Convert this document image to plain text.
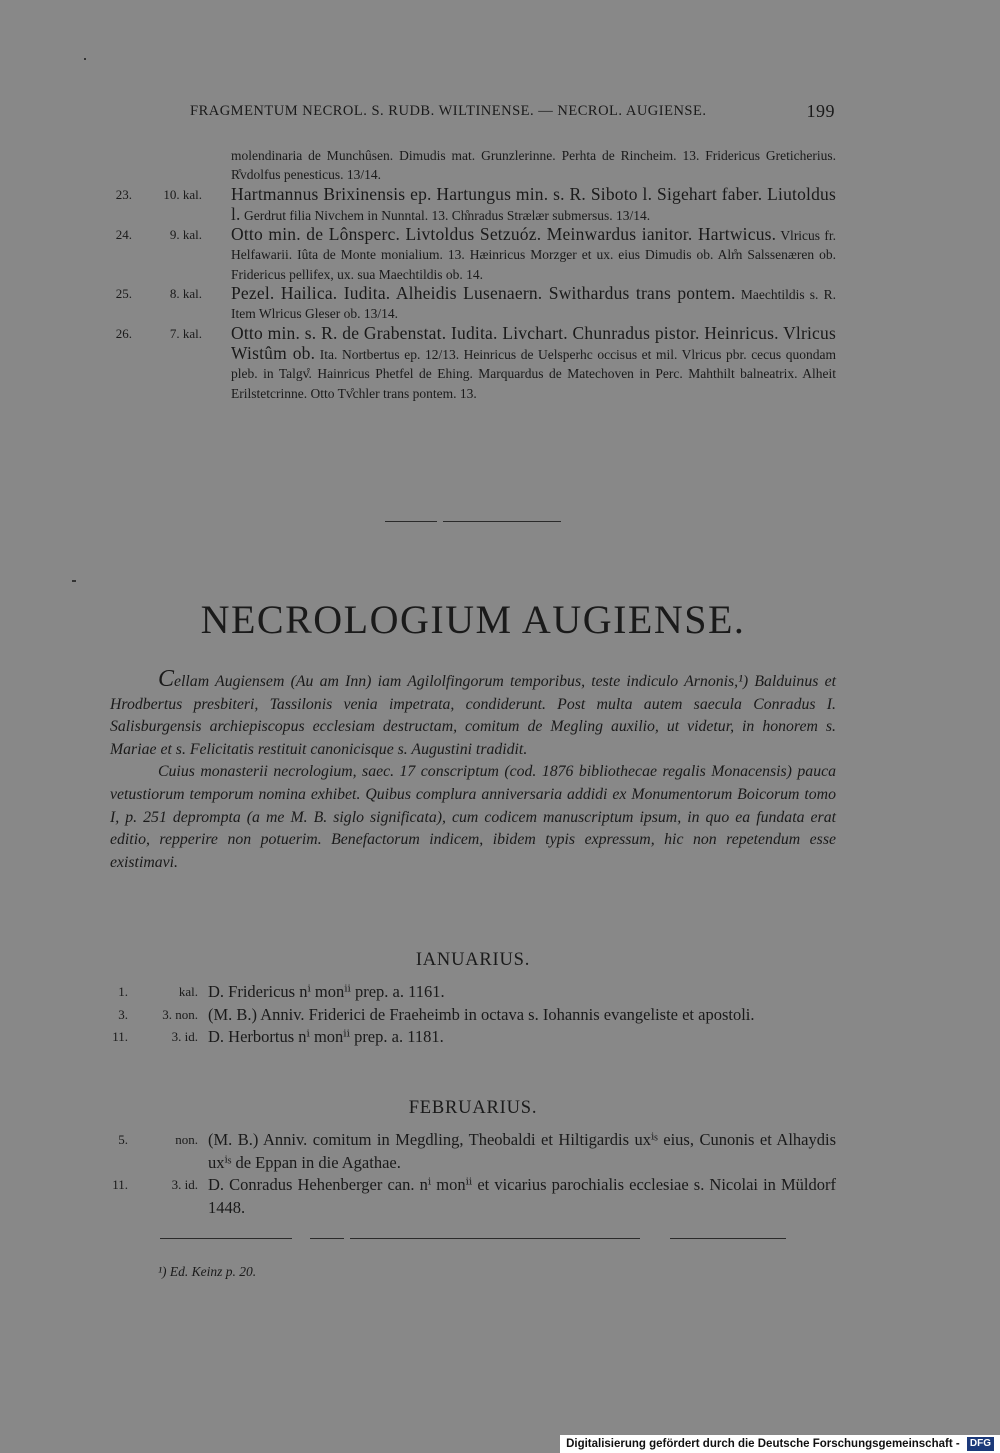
FRAGMENTUM NECROL. S. RUDB. WILTINENSE. — NECROL. AUGIENSE.	199
molendinaria de Munchûsen. Dimudis mat. Grunzlerinne. Perhta de Rincheim. 13. Fridericus Greticherius. R̊vdolfus penesticus. 13/14.
23.	10. kal. Hartmannus Brixinensis ep. Hartungus min. s. R. Siboto l. Sigehart faber. Liutoldus l. Gerdrut filia Nivchem in Nunntal. 13. Ch̊nradus Strælær submersus. 13/14.
24.	9. kal. Otto min. de Lônsperc. Livtoldus Setzuóz. Meinwardus ianitor. Hartwicus. Vlricus fr. Helfawarii. Iûta de Monte monialium. 13. Hæinricus Morzger et ux. eius Dimudis ob. Alr̊n Salssenæren ob. Fridericus pellifex, ux. sua Maechtildis ob. 14.
25.	8. kal. Pezel. Hailica. Iudita. Alheidis Lusenaern. Swithardus trans pontem. Maechtildis s. R. Item Wlricus Gleser ob. 13/14.
26.	7. kal. Otto min. s. R. de Grabenstat. Iudita. Livchart. Chunradus pistor. Heinricus. Vlricus Wistûm ob. Ita. Nortbertus ep. 12/13. Heinricus de Uelsperhc occisus et mil. Vlricus pbr. cecus quondam pleb. in Talgv̊. Hainricus Phetfel de Ehing. Marquardus de Matechoven in Perc. Mahthilt balneatrix. Alheit Erilstetcrinne. Otto Tv̊chler trans pontem. 13.
NECROLOGIUM AUGIENSE.

Cellam Augiensem (Au am Inn) iam Agilolfingorum temporibus, teste indiculo Arnonis,¹) Balduinus et Hrodbertus presbiteri, Tassilonis venia impetrata, condiderunt. Post multa autem saecula Conradus I. Salisburgensis archiepiscopus ecclesiam destructam, comitum de Megling auxilio, ut videtur, in honorem s. Mariae et s. Felicitatis restituit canonicisque s. Augustini tradidit.

Cuius monasterii necrologium, saec. 17 conscriptum (cod. 1876 bibliothecae regalis Monacensis) pauca vetustiorum temporum nomina exhibet. Quibus complura anniversaria addidi ex Monumentorum Boicorum tomo I, p. 251 deprompta (a me M. B. siglo significata), cum codicem manuscriptum ipsum, in quo ea fundata erat editio, repperire non potuerim. Benefactorum indicem, ibidem typis expressum, hic non repetendum esse existimavi.

IANUARIUS.
1.	kal. D. Fridericus nⁱ monⁱⁱ prep. a. 1161.
3.	3. non. (M. B.) Anniv. Friderici de Fraeheimb in octava s. Iohannis evangeliste et apostoli.
11.	3. id. D. Herbortus nⁱ monⁱⁱ prep. a. 1181.
FEBRUARIUS.
5.	non. (M. B.) Anniv. comitum in Megdling, Theobaldi et Hiltigardis uxⁱˢ eius, Cunonis et Alhaydis uxⁱˢ de Eppan in die Agathae.
11.	3. id. D. Conradus Hehenberger can. nⁱ monⁱⁱ et vicarius parochialis ecclesiae s. Nicolai in Müldorf 1448.
¹) Ed. Keinz p. 20.
Digitalisierung gefördert durch die Deutsche Forschungsgemeinschaft - DFG
